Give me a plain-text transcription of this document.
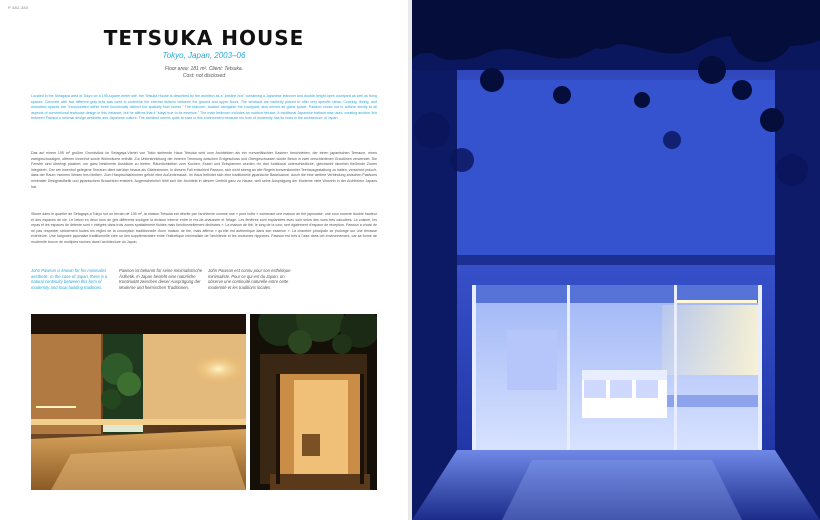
P 382-383
TETSUKA HOUSE
Tokyo, Japan, 2003–06
Floor area: 181 m². Client: Tetsuka.
Cost: not disclosed

Located in the Setagaya area of Tokyo on a 195-square-meter site, the Tetsuka House is described by the architect as a "pristine box" containing a Japanese tearoom and double-height open courtyard as well as living spaces. Concrete with two different gray tints was used to underline the internal division between the ground and upper floors. The windows are carefully placed to offer very specific views. Cooking, dining, and relaxation spaces are "incorporated within three functionally distinct but spatially fluid rooms." The tearoom, located alongside the courtyard, also serves as guest space. Pawson chose not to adhere strictly to all aspects of conventional teahouse design in this instance, but he affirms that it "stays true to its essence." The main bedroom includes an outdoor terrace. A traditional Japanese bathtub was used, creating another link between Pawson's minimal design aesthetic and Japanese culture. The architect seems quite at ease in this environment because his form of modernity has its roots in the architecture of Japan.

Das auf einem 195 m² großen Grundstück im Setagaya-Viertel von Tokio stehende Haus Tetsuka wird vom Architekten als ein »unverfälschter Kasten« beschrieben, der einen japanischen Teeraum, einen zweigeschossigen, offenen Innenhof sowie Wohnräume enthält. Zur Unterstreichung der inneren Trennung zwischen Erdgeschoss und Obergeschossen wurde Beton in zwei verschiedenen Grautönen verwendet. Die Fenster sind überlegt platziert, um ganz bestimmte Ausblicke zu bieten. Räumlichkeiten zum Kochen, Essen und Entspannen wurden »in drei funktional unterschiedliche, gleichwohl räumlich fließende Zonen integriert«. Der am Innenhof gelegene Teeraum dient darüber hinaus als Gästezimmer. In diesem Fall entschied Pawson, sich nicht streng an alle Regeln konventioneller Teehausgestaltung zu halten, versichert jedoch, dass der Raum »seinem Wesen treu bleibe«. Zum Hauptschlafzimmer gehört eine Außenterrasse. Im Haus befindet sich eine traditionelle japanische Badewanne, durch die eine weitere Verbindung zwischen Pawsons minimaler Designästhetik und japanischem Brauchtum entsteht. Augenscheinlich fühlt sich der Architekt in diesem Umfeld ganz zu Hause, weil seine Ausprägung der Moderne viele Wurzeln in der Architektur Japans hat.

Située dans le quartier de Setagaya à Tokyo sur un terrain de 195 m², la maison Tetsuka est décrite par l'architecte comme une « pure boîte » contenant une maison de thé japonaise, une cour ouverte double hauteur et des espaces de vie. Le béton en deux tons de gris différents souligne la division interne entre le rez-de-chaussée et l'étage. Les fenêtres sont implantées avec soin selon des vues très calculées. La cuisine, les repas et les espaces de détente sont « intégrés dans trois zones spatialement fluides mais fonctionnellement distinctes ». La maison de thé, le long de la cour, sert également d'espace de réception. Pawson a choisi de ne pas respecter strictement toutes les règles de la conception traditionnelle d'une maison de thé, mais affirme « qu'elle est authentique dans son essence ». La chambre principale se prolonge sur une terrasse extérieure. Une baignoire japonaise traditionnelle crée un lien supplémentaire entre l'esthétique minimaliste de l'architecte et les coutumes nippones. Pawson est très à l'aise dans cet environnement, car sa forme de modernité trouve de multiples racines dans l'architecture du Japon.

John Pawson is known for his minimalist aesthetic. In the case of Japan, there is a natural continuity between this form of modernity and local building traditions.

Pawson ist bekannt für seine minimalistische Ästhetik. In Japan besteht eine natürliche Kontinuität zwischen dieser Ausprägung der Moderne und heimischen Traditionen.

John Pawson est connu pour son esthétique minimaliste. Pour ce qui est du Japon, on observe une continuité naturelle entre cette modernité et les traditions locales.
